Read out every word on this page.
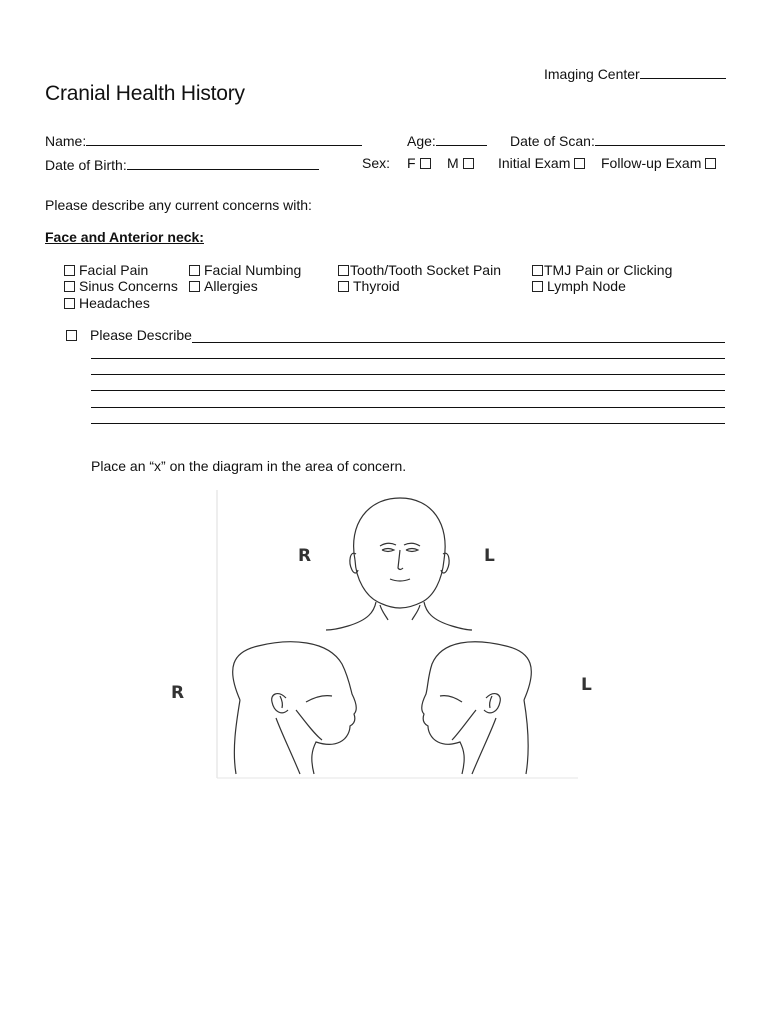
Imaging Center
Cranial Health History
Name:	Age:	Date of Scan:
Date of Birth:	Sex: F	M	Initial Exam	Follow-up Exam
Please describe any current concerns with:
Face and Anterior neck:
Facial Pain	Facial Numbing	Tooth/Tooth Socket Pain	TMJ Pain or Clicking
Sinus Concerns	Allergies	Thyroid	Lymph Node
Headaches
Please Describe
Place an “x” on the diagram in the area of concern.
R	L
R	L
